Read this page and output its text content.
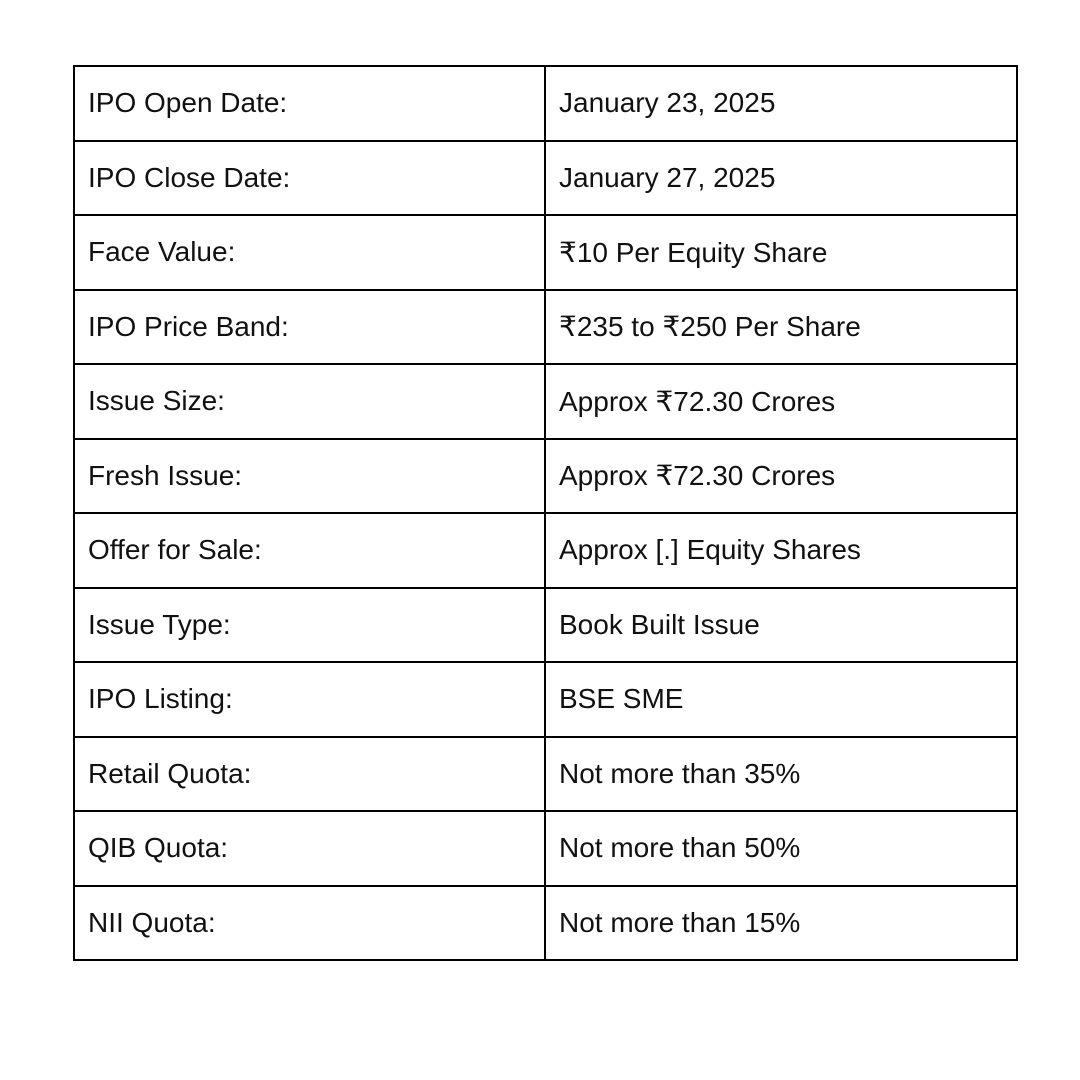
IPO Open Date:	January 23, 2025
IPO Close Date:	January 27, 2025
Face Value:	₹10 Per Equity Share
IPO Price Band:	₹235 to ₹250 Per Share
Issue Size:	Approx ₹72.30 Crores
Fresh Issue:	Approx ₹72.30 Crores
Offer for Sale:	Approx [.] Equity Shares
Issue Type:	Book Built Issue
IPO Listing:	BSE SME
Retail Quota:	Not more than 35%
QIB Quota:	Not more than 50%
NII Quota:	Not more than 15%
